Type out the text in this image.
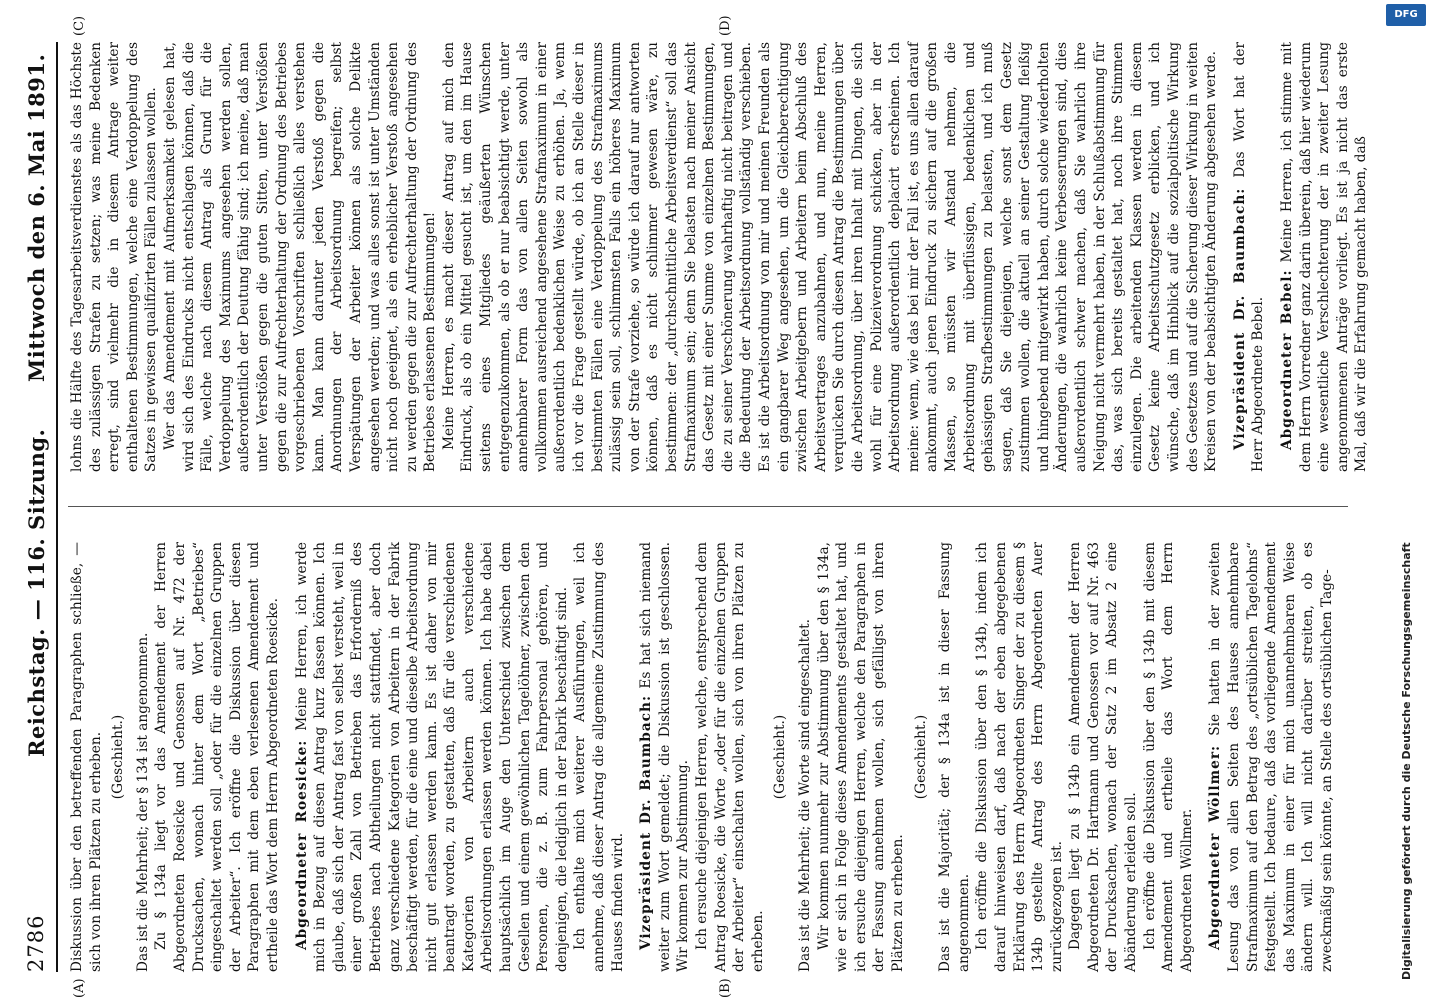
2786
Reichstag. — 116. Sitzung.
Mittwoch den 6. Mai 1891.
(A)	(B)
(C)	(D)

Diskussion über den betreffenden Paragraphen schließe, — sich von ihren Plätzen zu erheben. (Geschieht.) Das ist die Mehrheit; der § 134 ist angenommen. Zu § 134a liegt vor das Amendement der Herren Abgeordneten Roesicke und Genossen auf Nr. 472 der Drucksachen, wonach hinter dem Wort „Betriebes“ eingeschaltet werden soll „oder für die einzelnen Gruppen der Arbeiter“. Ich eröffne die Diskussion über diesen Paragraphen mit dem eben verlesenen Amendement und ertheile das Wort dem Herrn Abgeordneten Roesicke. Abgeordneter Roesicke: Meine Herren, ich werde mich in Bezug auf diesen Antrag kurz fassen können. Ich glaube, daß sich der Antrag fast von selbst versteht, weil in einer großen Zahl von Betrieben das Erforderniß des Betriebes nach Abtheilungen nicht stattfindet, aber doch ganz verschiedene Kategorien von Arbeitern in der Fabrik beschäftigt werden, für die eine und dieselbe Arbeitsordnung nicht gut erlassen werden kann. Es ist daher von mir beantragt worden, zu gestatten, daß für die verschiedenen Kategorien von Arbeitern auch verschiedene Arbeitsordnungen erlassen werden können. Ich habe dabei hauptsächlich im Auge den Unterschied zwischen dem Gesellen und einem gewöhnlichen Tagelöhner, zwischen den Personen, die z. B. zum Fahrpersonal gehören, und denjenigen, die lediglich in der Fabrik beschäftigt sind. Ich enthalte mich weiterer Ausführungen, weil ich annehme, daß dieser Antrag die allgemeine Zustimmung des Hauses finden wird. Vizepräsident Dr. Baumbach: Es hat sich niemand weiter zum Wort gemeldet; die Diskussion ist geschlossen. Wir kommen zur Abstimmung. Ich ersuche diejenigen Herren, welche, entsprechend dem Antrag Roesicke, die Worte „oder für die einzelnen Gruppen der Arbeiter“ einschalten wollen, sich von ihren Plätzen zu erheben.

(Geschieht.) Das ist die Mehrheit; die Worte sind eingeschaltet. Wir kommen nunmehr zur Abstimmung über den § 134a, wie er sich in Folge dieses Amendements gestaltet hat, und ich ersuche diejenigen Herren, welche den Paragraphen in der Fassung annehmen wollen, sich gefälligst von ihren Plätzen zu erheben.

(Geschieht.) Das ist die Majorität; der § 134a ist in dieser Fassung angenommen. Ich eröffne die Diskussion über den § 134b, indem ich darauf hinweisen darf, daß nach der eben abgegebenen Erklärung des Herrn Abgeordneten Singer der zu diesem § 134b gestellte Antrag des Herrn Abgeordneten Auer zurückgezogen ist. Dagegen liegt zu § 134b ein Amendement der Herren Abgeordneten Dr. Hartmann und Genossen vor auf Nr. 463 der Drucksachen, wonach der Satz 2 im Absatz 2 eine Abänderung erleiden soll. Ich eröffne die Diskussion über den § 134b mit diesem Amendement und ertheile das Wort dem Herrn Abgeordneten Wöllmer. Abgeordneter Wöllmer: Sie hatten in der zweiten Lesung das von allen Seiten des Hauses annehmbare Strafmaximum auf den Betrag des „ortsüblichen Tagelohns“ festgestellt. Ich bedaure, daß das vorliegende Amendement das Maximum in einer für mich unannehmbaren Weise ändern will. Ich will nicht darüber streiten, ob es zweckmäßig sein könnte, an Stelle des ortsüblichen Tage-

lohns die Hälfte des Tagesarbeitsverdienstes als das Höchste des zulässigen Strafen zu setzen; was meine Bedenken erregt, sind vielmehr die in diesem Antrage weiter enthaltenen Bestimmungen, welche eine Verdoppelung des Satzes in gewissen qualifizirten Fällen zulassen wollen. Wer das Amendement mit Aufmerksamkeit gelesen hat, wird sich des Eindrucks nicht entschlagen können, daß die Fälle, welche nach diesem Antrag als Grund für die Verdoppelung des Maximums angesehen werden sollen, außerordentlich der Deutung fähig sind; ich meine, daß man unter Verstößen gegen die guten Sitten, unter Verstößen gegen die zur Aufrechterhaltung der Ordnung des Betriebes vorgeschriebenen Vorschriften schließlich alles verstehen kann. Man kann darunter jeden Verstoß gegen die Anordnungen der Arbeitsordnung begreifen; selbst Verspätungen der Arbeiter können als solche Delikte angesehen werden; und was alles sonst ist unter Umständen nicht noch geeignet, als ein erheblicher Verstoß angesehen zu werden gegen die zur Aufrechterhaltung der Ordnung des Betriebes erlassenen Bestimmungen! Meine Herren, es macht dieser Antrag auf mich den Eindruck, als ob ein Mittel gesucht ist, um den im Hause seitens eines Mitgliedes geäußerten Wünschen entgegenzukommen, als ob er nur beabsichtigt werde, unter annehmbarer Form das von allen Seiten sowohl als vollkommen ausreichend angesehene Strafmaximum in einer außerordentlich bedenklichen Weise zu erhöhen. Ja, wenn ich vor die Frage gestellt würde, ob ich an Stelle dieser in bestimmten Fällen eine Verdoppelung des Strafmaximums zulässig sein soll, schlimmsten Falls ein höheres Maximum von der Strafe vorziehe, so würde ich darauf nur antworten können, daß es nicht schlimmer gewesen wäre, zu bestimmen: der „durchschnittliche Arbeitsverdienst“ soll das Strafmaximum sein; denn Sie belasten nach meiner Ansicht das Gesetz mit einer Summe von einzelnen Bestimmungen, die zu seiner Verschönerung wahrhaftig nicht beitragen und die Bedeutung der Arbeitsordnung vollständig verschieben. Es ist die Arbeitsordnung von mir und meinen Freunden als ein gangbarer Weg angesehen, um die Gleichberechtigung zwischen Arbeitgebern und Arbeitern beim Abschluß des Arbeitsvertrages anzubahnen, und nun, meine Herren, verquicken Sie durch diesen Antrag die Bestimmungen über die Arbeitsordnung, über ihren Inhalt mit Dingen, die sich wohl für eine Polizeiverordnung schicken, aber in der Arbeitsordnung außerordentlich deplacirt erscheinen. Ich meine: wenn, wie das bei mir der Fall ist, es uns allen darauf ankommt, auch jenen Eindruck zu sichern auf die großen Massen, so müssten wir Anstand nehmen, die Arbeitsordnung mit überflüssigen, bedenklichen und gehässigen Strafbestimmungen zu belasten, und ich muß sagen, daß Sie diejenigen, welche sonst dem Gesetz zustimmen wollen, die aktuell an seiner Gestaltung fleißig und hingebend mitgewirkt haben, durch solche wiederholten Änderungen, die wahrlich keine Verbesserungen sind, dies außerordentlich schwer machen, daß Sie wahrlich ihre Neigung nicht vermehrt haben, in der Schlußabstimmung für das, was sich bereits gestaltet hat, noch ihre Stimmen einzulegen. Die arbeitenden Klassen werden in diesem Gesetz keine Arbeitsschutzgesetz erblicken, und ich wünsche, daß im Hinblick auf die sozialpolitische Wirkung des Gesetzes und auf die Sicherung dieser Wirkung in weiten Kreisen von der beabsichtigten Änderung abgesehen werde. Vizepräsident Dr. Baumbach: Das Wort hat der Herr Abgeordnete Bebel. Abgeordneter Bebel: Meine Herren, ich stimme mit dem Herrn Vorredner ganz darin überein, daß hier wiederum eine wesentliche Verschlechterung der in zweiter Lesung angenommenen Anträge vorliegt. Es ist ja nicht das erste Mal, daß wir die Erfahrung gemacht haben, daß

DFG
Digitalisierung gefördert durch die Deutsche Forschungsgemeinschaft
